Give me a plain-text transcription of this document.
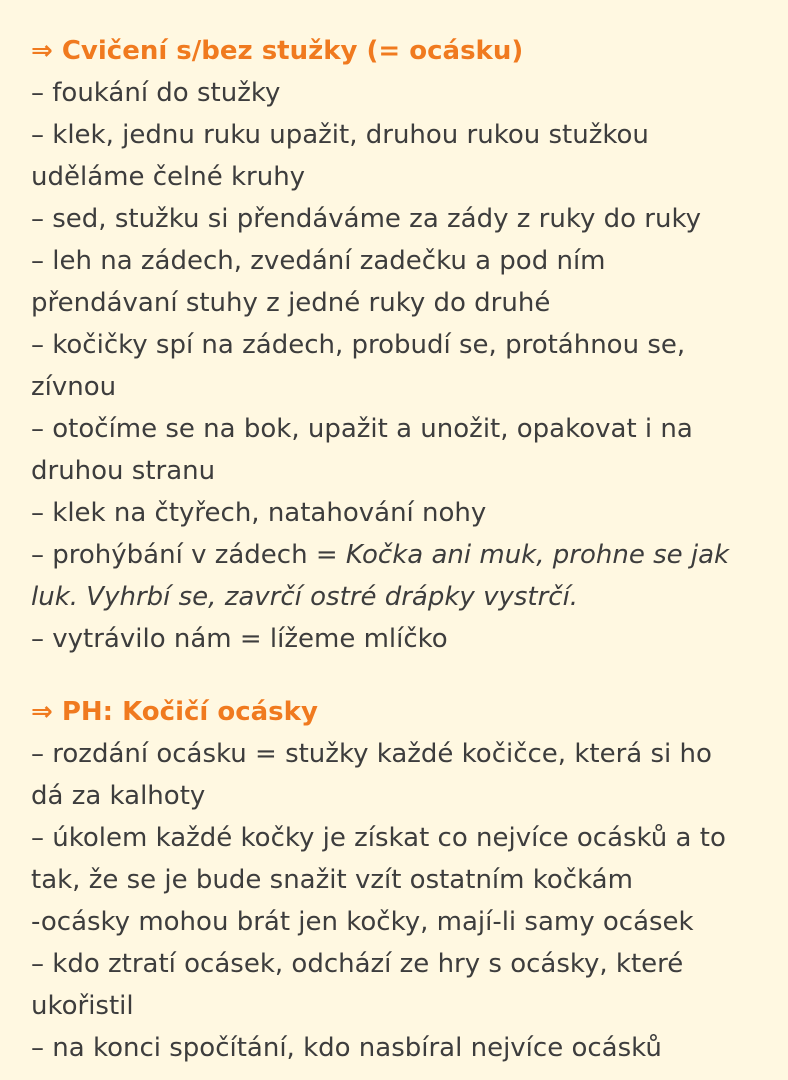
⇒ Cvičení s/bez stužky (= ocásku)
– foukání do stužky
– klek, jednu ruku upažit, druhou rukou stužkou
uděláme čelné kruhy
– sed, stužku si přendáváme za zády z ruky do ruky
– leh na zádech, zvedání zadečku a pod ním
přendávaní stuhy z jedné ruky do druhé
– kočičky spí na zádech, probudí se, protáhnou se,
zívnou
– otočíme se na bok, upažit a unožit, opakovat i na
druhou stranu
– klek na čtyřech, natahování nohy
– prohýbání v zádech = Kočka ani muk, prohne se jak
luk. Vyhrbí se, zavrčí ostré drápky vystrčí.
– vytrávilo nám = lížeme mlíčko
⇒ PH: Kočičí ocásky
– rozdání ocásku = stužky každé kočičce, která si ho
dá za kalhoty
– úkolem každé kočky je získat co nejvíce ocásků a to
tak, že se je bude snažit vzít ostatním kočkám
-ocásky mohou brát jen kočky, mají-li samy ocásek
– kdo ztratí ocásek, odchází ze hry s ocásky, které
ukořistil
– na konci spočítání, kdo nasbíral nejvíce ocásků
